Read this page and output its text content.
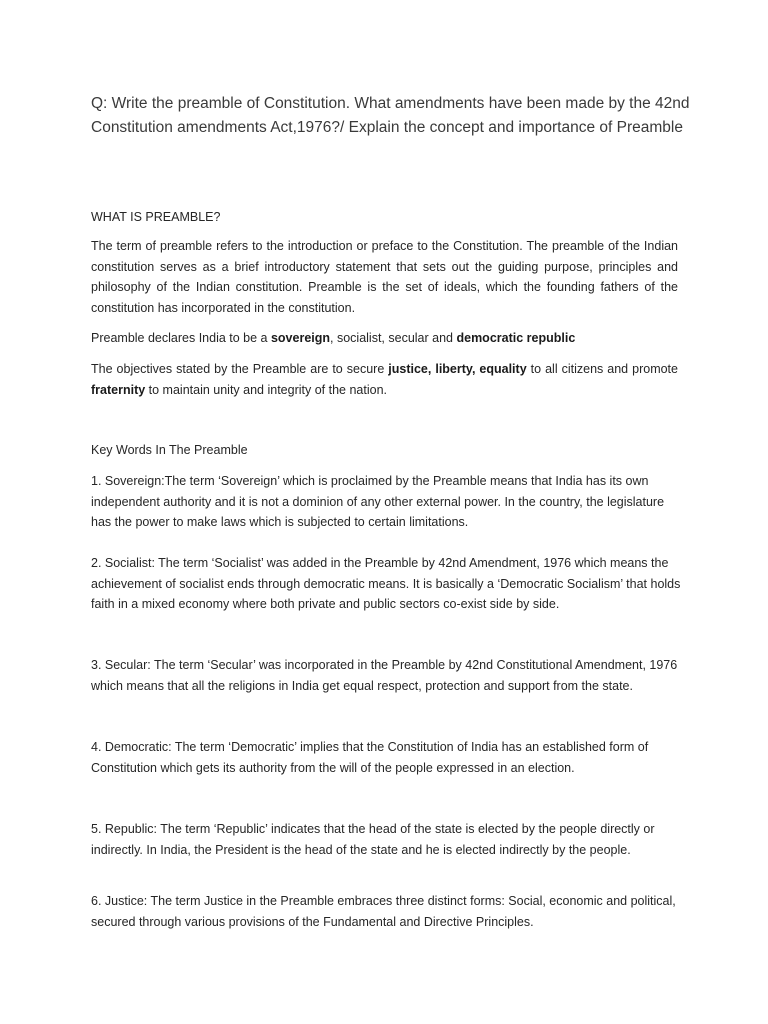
Q: Write the preamble of Constitution. What amendments have been made by the 42nd Constitution amendments Act,1976?/ Explain the concept and importance of Preamble
WHAT IS PREAMBLE?
The term of preamble refers to the introduction or preface to the Constitution. The preamble of the Indian constitution serves as a brief introductory statement that sets out the guiding purpose, principles and philosophy of the Indian constitution. Preamble is the set of ideals, which the founding fathers of the constitution has incorporated in the constitution.
Preamble declares India to be a sovereign, socialist, secular and democratic republic
The objectives stated by the Preamble are to secure justice, liberty, equality to all citizens and promote fraternity to maintain unity and integrity of the nation.
Key Words In The Preamble
1. Sovereign:The term ‘Sovereign’ which is proclaimed by the Preamble means that India has its own independent authority and it is not a dominion of any other external power. In the country, the legislature has the power to make laws which is subjected to certain limitations.
2. Socialist: The term ‘Socialist’ was added in the Preamble by 42nd Amendment, 1976 which means the achievement of socialist ends through democratic means. It is basically a ‘Democratic Socialism’ that holds faith in a mixed economy where both private and public sectors co-exist side by side.
3. Secular: The term ‘Secular’ was incorporated in the Preamble by 42nd Constitutional Amendment, 1976 which means that all the religions in India get equal respect, protection and support from the state.
4. Democratic: The term ‘Democratic’ implies that the Constitution of India has an established form of Constitution which gets its authority from the will of the people expressed in an election.
5. Republic: The term ‘Republic’ indicates that the head of the state is elected by the people directly or indirectly. In India, the President is the head of the state and he is elected indirectly by the people.
6. Justice: The term Justice in the Preamble embraces three distinct forms: Social, economic and political, secured through various provisions of the Fundamental and Directive Principles.
